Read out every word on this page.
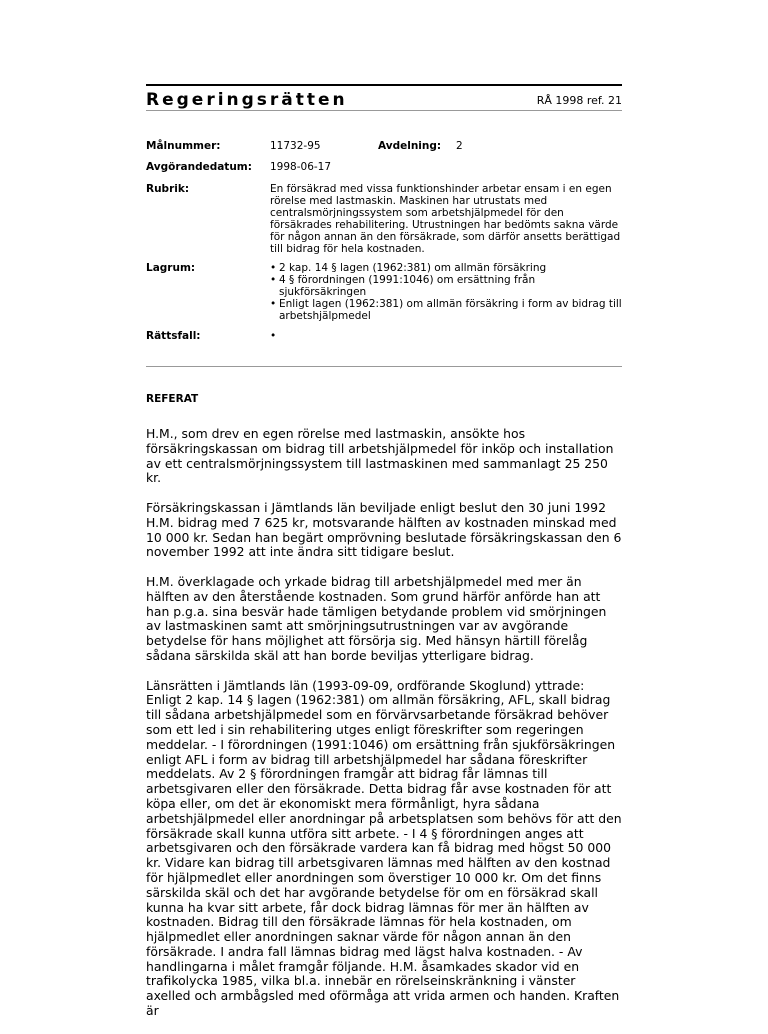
Regeringsrätten	RÅ 1998 ref. 21
Målnummer:	11732-95	Avdelning: 2
Avgörandedatum: 1998-06-17
Rubrik:	En försäkrad med vissa funktionshinder arbetar ensam i en egen rörelse med lastmaskin. Maskinen har utrustats med centralsmörjningssystem som arbetshjälpmedel för den försäkrades rehabilitering. Utrustningen har bedömts sakna värde för någon annan än den försäkrade, som därför ansetts berättigad till bidrag för hela kostnaden.
Lagrum:
•	2 kap. 14 § lagen (1962:381) om allmän försäkring
• 4 § förordningen (1991:1046) om ersättning från sjukförsäkringen
• Enligt lagen (1962:381) om allmän försäkring i form av bidrag till arbetshjälpmedel
Rättsfall:	•
REFERAT

H.M., som drev en egen rörelse med lastmaskin, ansökte hos försäkringskassan om bidrag till arbetshjälpmedel för inköp och installation av ett centralsmörjningssystem till lastmaskinen med sammanlagt 25 250 kr.

Försäkringskassan i Jämtlands län beviljade enligt beslut den 30 juni 1992 H.M. bidrag med 7 625 kr, motsvarande hälften av kostnaden minskad med 10 000 kr. Sedan han begärt omprövning beslutade försäkringskassan den 6 november 1992 att inte ändra sitt tidigare beslut.

H.M. överklagade och yrkade bidrag till arbetshjälpmedel med mer än hälften av den återstående kostnaden. Som grund härför anförde han att han p.g.a. sina besvär hade tämligen betydande problem vid smörjningen av lastmaskinen samt att smörjningsutrustningen var av avgörande betydelse för hans möjlighet att försörja sig. Med hänsyn härtill förelåg sådana särskilda skäl att han borde beviljas ytterligare bidrag.

Länsrätten i Jämtlands län (1993-09-09, ordförande Skoglund) yttrade: Enligt 2 kap. 14 § lagen (1962:381) om allmän försäkring, AFL, skall bidrag till sådana arbetshjälpmedel som en förvärvsarbetande försäkrad behöver som ett led i sin rehabilitering utges enligt föreskrifter som regeringen meddelar. - I förordningen (1991:1046) om ersättning från sjukförsäkringen enligt AFL i form av bidrag till arbetshjälpmedel har sådana föreskrifter meddelats. Av 2 § förordningen framgår att bidrag får lämnas till arbetsgivaren eller den försäkrade. Detta bidrag får avse kostnaden för att köpa eller, om det är ekonomiskt mera förmånligt, hyra sådana arbetshjälpmedel eller anordningar på arbetsplatsen som behövs för att den försäkrade skall kunna utföra sitt arbete. - I 4 § förordningen anges att arbetsgivaren och den försäkrade vardera kan få bidrag med högst 50 000 kr. Vidare kan bidrag till arbetsgivaren lämnas med hälften av den kostnad för hjälpmedlet eller anordningen som överstiger 10 000 kr. Om det finns särskilda skäl och det har avgörande betydelse för om en försäkrad skall kunna ha kvar sitt arbete, får dock bidrag lämnas för mer än hälften av kostnaden. Bidrag till den försäkrade lämnas för hela kostnaden, om hjälpmedlet eller anordningen saknar värde för någon annan än den försäkrade. I andra fall lämnas bidrag med lägst halva kostnaden. - Av handlingarna i målet framgår följande. H.M. åsamkades skador vid en trafikolycka 1985, vilka bl.a. innebär en rörelseinskränkning i vänster axelled och armbågsled med oförmåga att vrida armen och handen. Kraften är
